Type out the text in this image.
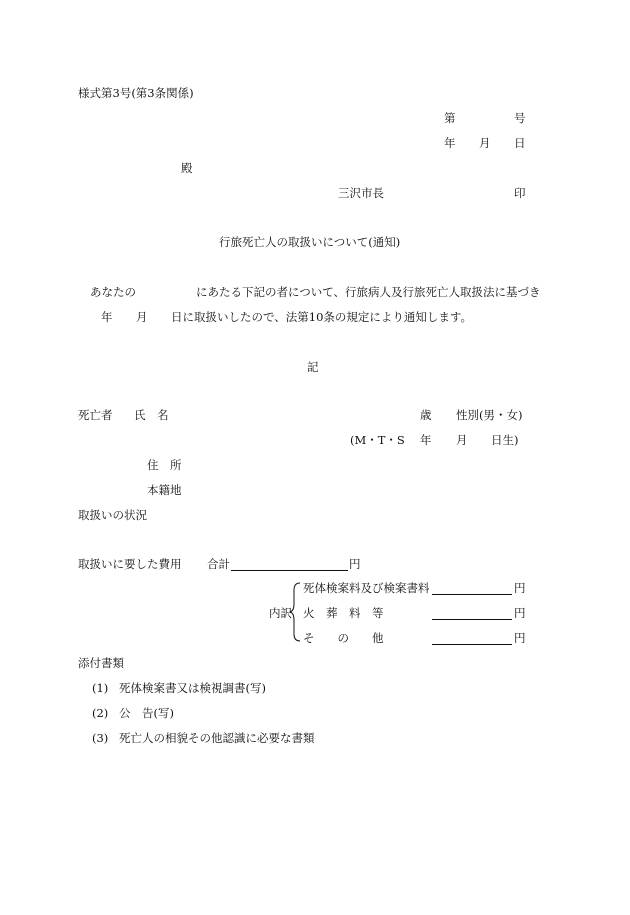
様式第3号(第3条関係)
第	号
年 月 日
殿
三沢市長	印
行旅死亡人の取扱いについて(通知)
あなたの	にあたる下記の者について、行旅病人及行旅死亡人取扱法に基づき
年 月 日に取扱いしたので、法第10条の規定により通知します。
記
死亡者 氏　名	歳 性別(男・女)
(M・T・S 年 月 日生)
住　所
本籍地
取扱いの状況
取扱いに要した費用 合計	円
内訳
死体検案料及び検案書料	円
火　葬　料　等	円
そ　　の　　他	円
添付書類
(1) 死体検案書又は検視調書(写)
(2) 公　告(写)
(3) 死亡人の相貌その他認識に必要な書類
